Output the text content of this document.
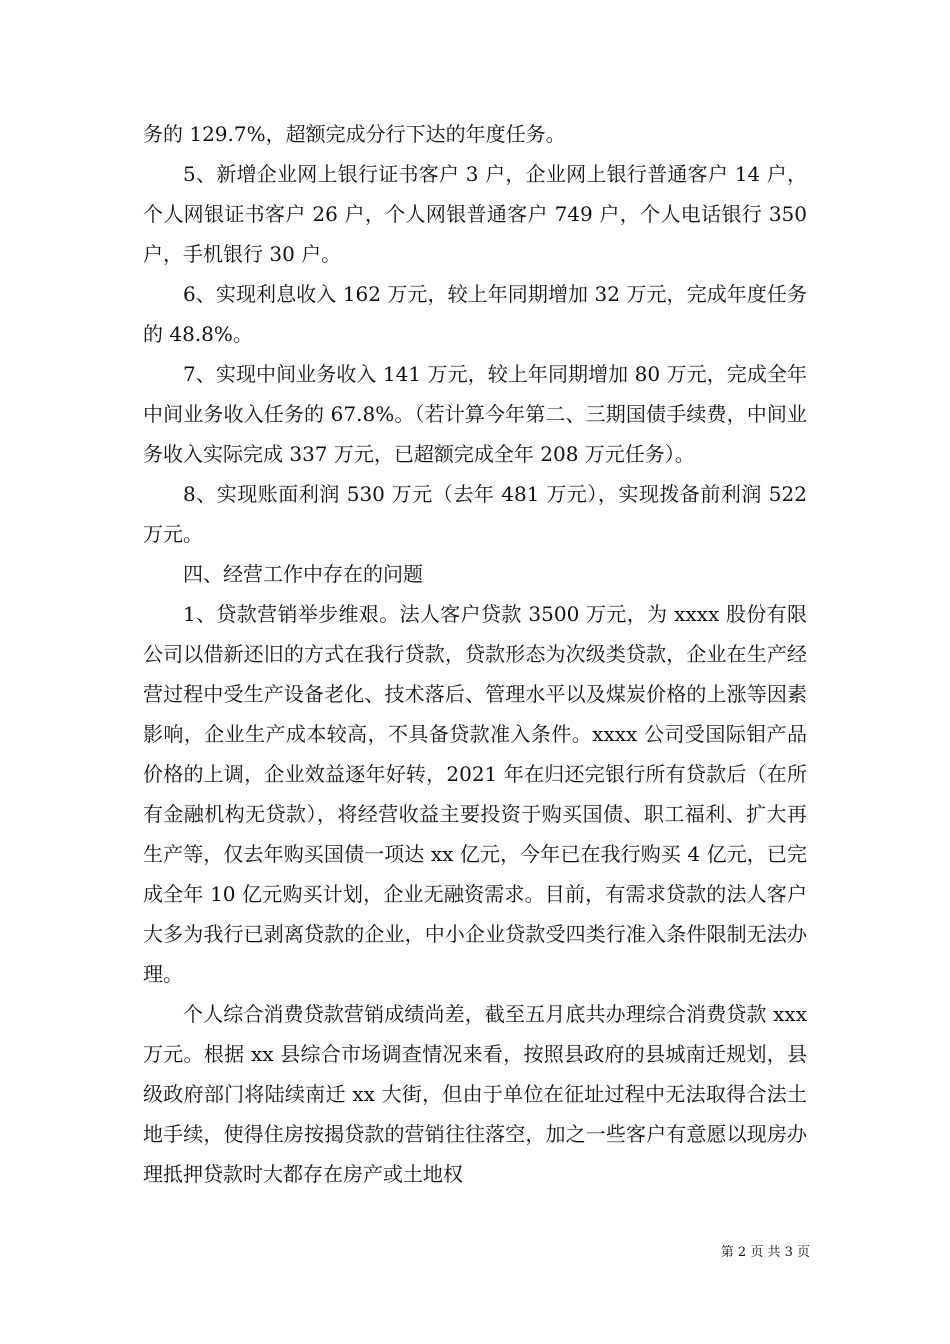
务的 129.7%，超额完成分行下达的年度任务。

5、新增企业网上银行证书客户 3 户，企业网上银行普通客户 14 户，个人网银证书客户 26 户，个人网银普通客户 749 户，个人电话银行 350 户，手机银行 30 户。

6、实现利息收入 162 万元，较上年同期增加 32 万元，完成年度任务的 48.8%。

7、实现中间业务收入 141 万元，较上年同期增加 80 万元，完成全年中间业务收入任务的 67.8%。（若计算今年第二、三期国债手续费，中间业务收入实际完成 337 万元，已超额完成全年 208 万元任务）。

8、实现账面利润 530 万元（去年 481 万元），实现拨备前利润 522 万元。

四、经营工作中存在的问题

1、贷款营销举步维艰。法人客户贷款 3500 万元，为 xxxx 股份有限公司以借新还旧的方式在我行贷款，贷款形态为次级类贷款，企业在生产经营过程中受生产设备老化、技术落后、管理水平以及煤炭价格的上涨等因素影响，企业生产成本较高，不具备贷款准入条件。xxxx 公司受国际钼产品价格的上调，企业效益逐年好转，2021 年在归还完银行所有贷款后（在所有金融机构无贷款），将经营收益主要投资于购买国债、职工福利、扩大再生产等，仅去年购买国债一项达 xx 亿元，今年已在我行购买 4 亿元，已完成全年 10 亿元购买计划，企业无融资需求。目前，有需求贷款的法人客户大多为我行已剥离贷款的企业，中小企业贷款受四类行准入条件限制无法办理。

个人综合消费贷款营销成绩尚差，截至五月底共办理综合消费贷款 xxx 万元。根据 xx 县综合市场调查情况来看，按照县政府的县城南迁规划，县级政府部门将陆续南迁 xx 大街，但由于单位在征址过程中无法取得合法土地手续，使得住房按揭贷款的营销往往落空，加之一些客户有意愿以现房办理抵押贷款时大都存在房产或土地权

第 2 页 共 3 页
